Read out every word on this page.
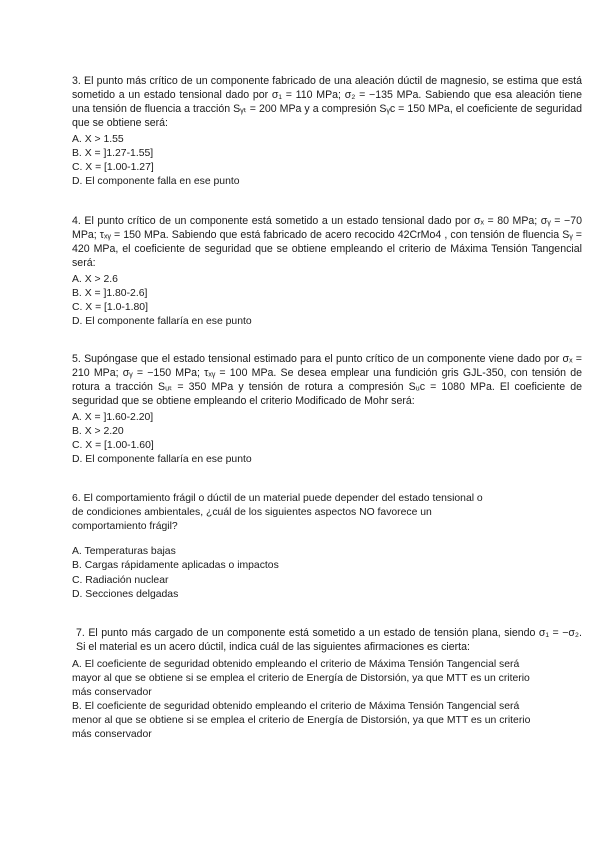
3. El punto más crítico de un componente fabricado de una aleación dúctil de magnesio, se estima que está sometido a un estado tensional dado por σ₁ = 110 MPa; σ₂ = −135 MPa. Sabiendo que esa aleación tiene una tensión de fluencia a tracción Sᵧₜ = 200 MPa y a compresión Sᵧc = 150 MPa, el coeficiente de seguridad que se obtiene será:
A. X > 1.55
B. X = ]1.27-1.55]
C. X = [1.00-1.27]
D. El componente falla en ese punto
4. El punto crítico de un componente está sometido a un estado tensional dado por σₓ = 80 MPa; σᵧ = −70 MPa; τₓᵧ = 150 MPa. Sabiendo que está fabricado de acero recocido 42CrMo4 , con tensión de fluencia Sᵧ = 420 MPa, el coeficiente de seguridad que se obtiene empleando el criterio de Máxima Tensión Tangencial será:
A. X > 2.6
B. X = ]1.80-2.6]
C. X = [1.0-1.80]
D. El componente fallaría en ese punto
5. Supóngase que el estado tensional estimado para el punto crítico de un componente viene dado por σₓ = 210 MPa; σᵧ = −150 MPa; τₓᵧ = 100 MPa. Se desea emplear una fundición gris GJL-350, con tensión de rotura a tracción Sᵤₜ = 350 MPa y tensión de rotura a compresión Sᵤc = 1080 MPa. El coeficiente de seguridad que se obtiene empleando el criterio Modificado de Mohr será:
A. X = ]1.60-2.20]
B. X > 2.20
C. X = [1.00-1.60]
D. El componente fallaría en ese punto
6. El comportamiento frágil o dúctil de un material puede depender del estado tensional o
de condiciones ambientales, ¿cuál de los siguientes aspectos NO favorece un
comportamiento frágil?
A. Temperaturas bajas
B. Cargas rápidamente aplicadas o impactos
C. Radiación nuclear
D. Secciones delgadas
7. El punto más cargado de un componente está sometido a un estado de tensión plana, siendo σ₁ = −σ₂. Si el material es un acero dúctil, indica cuál de las siguientes afirmaciones es cierta:
A. El coeficiente de seguridad obtenido empleando el criterio de Máxima Tensión Tangencial será mayor al que se obtiene si se emplea el criterio de Energía de Distorsión, ya que MTT es un criterio más conservador
B. El coeficiente de seguridad obtenido empleando el criterio de Máxima Tensión Tangencial será menor al que se obtiene si se emplea el criterio de Energía de Distorsión, ya que MTT es un criterio más conservador
